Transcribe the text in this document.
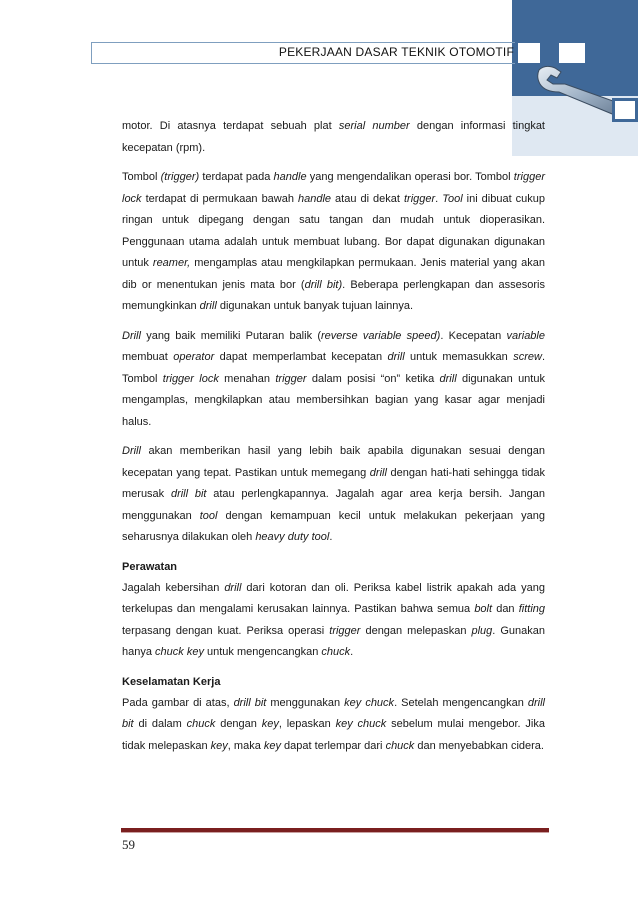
PEKERJAAN DASAR TEKNIK OTOMOTIF

motor. Di atasnya terdapat sebuah plat serial number dengan informasi tingkat kecepatan (rpm).

Tombol (trigger) terdapat pada handle yang mengendalikan operasi bor. Tombol trigger lock terdapat di permukaan bawah handle atau di dekat trigger. Tool ini dibuat cukup ringan untuk dipegang dengan satu tangan dan mudah untuk dioperasikan. Penggunaan utama adalah untuk membuat lubang. Bor dapat digunakan digunakan untuk reamer, mengamplas atau mengkilapkan permukaan. Jenis material yang akan dib or menentukan jenis mata bor (drill bit). Beberapa perlengkapan dan assesoris memungkinkan drill digunakan untuk banyak tujuan lainnya.

Drill yang baik memiliki Putaran balik (reverse variable speed). Kecepatan variable membuat operator dapat memperlambat kecepatan drill untuk memasukkan screw. Tombol trigger lock menahan trigger dalam posisi “on” ketika drill digunakan untuk mengamplas, mengkilapkan atau membersihkan bagian yang kasar agar menjadi halus.

Drill akan memberikan hasil yang lebih baik apabila digunakan sesuai dengan kecepatan yang tepat. Pastikan untuk memegang drill dengan hati-hati sehingga tidak merusak drill bit atau perlengkapannya. Jagalah agar area kerja bersih. Jangan menggunakan tool dengan kemampuan kecil untuk melakukan pekerjaan yang seharusnya dilakukan oleh heavy duty tool.

Perawatan

Jagalah kebersihan drill dari kotoran dan oli. Periksa kabel listrik apakah ada yang terkelupas dan mengalami kerusakan lainnya. Pastikan bahwa semua bolt dan fitting terpasang dengan kuat. Periksa operasi trigger dengan melepaskan plug. Gunakan hanya chuck key untuk mengencangkan chuck.

Keselamatan Kerja

Pada gambar di atas, drill bit menggunakan key chuck. Setelah mengencangkan drill bit di dalam chuck dengan key, lepaskan key chuck sebelum mulai mengebor. Jika tidak melepaskan key, maka key dapat terlempar dari chuck dan menyebabkan cidera.

59
